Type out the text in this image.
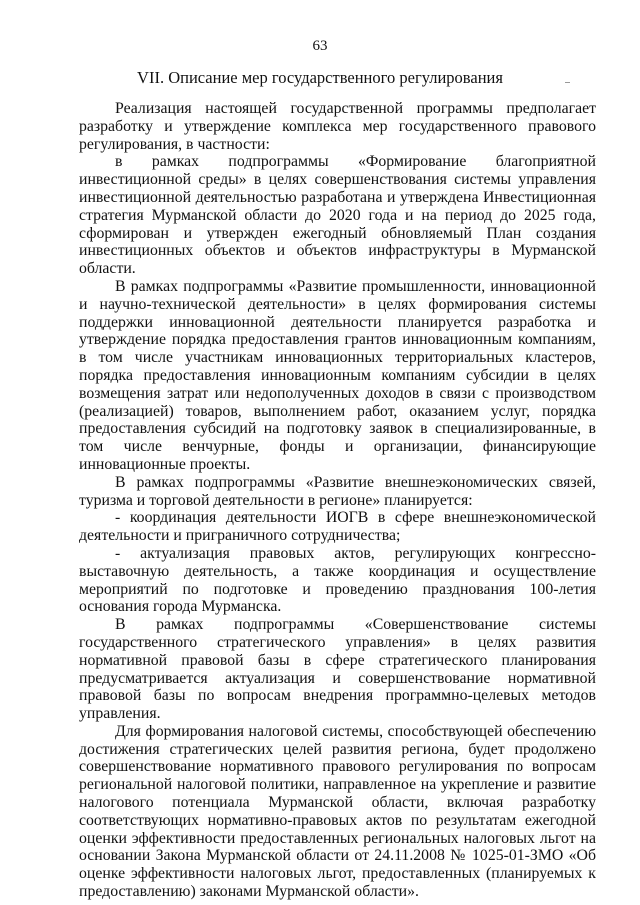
63
VII. Описание мер государственного регулирования

Реализация настоящей государственной программы предполагает разработку и утверждение комплекса мер государственного правового регулирования, в частности:

в рамках подпрограммы «Формирование благоприятной инвестиционной среды» в целях совершенствования системы управления инвестиционной деятельностью разработана и утверждена Инвестиционная стратегия Мурманской области до 2020 года и на период до 2025 года, сформирован и утвержден ежегодный обновляемый План создания инвестиционных объектов и объектов инфраструктуры в Мурманской области.

В рамках подпрограммы «Развитие промышленности, инновационной и научно-технической деятельности» в целях формирования системы поддержки инновационной деятельности планируется разработка и утверждение порядка предоставления грантов инновационным компаниям, в том числе участникам инновационных территориальных кластеров, порядка предоставления инновационным компаниям субсидии в целях возмещения затрат или недополученных доходов в связи с производством (реализацией) товаров, выполнением работ, оказанием услуг, порядка предоставления субсидий на подготовку заявок в специализированные, в том числе венчурные, фонды и организации, финансирующие инновационные проекты.

В рамках подпрограммы «Развитие внешнеэкономических связей, туризма и торговой деятельности в регионе» планируется:

- координация деятельности ИОГВ в сфере внешнеэкономической деятельности и приграничного сотрудничества;

- актуализация правовых актов, регулирующих конгрессно-выставочную деятельность, а также координация и осуществление мероприятий по подготовке и проведению празднования 100-летия основания города Мурманска.

В рамках подпрограммы «Совершенствование системы государственного стратегического управления» в целях развития нормативной правовой базы в сфере стратегического планирования предусматривается актуализация и совершенствование нормативной правовой базы по вопросам внедрения программно-целевых методов управления.

Для формирования налоговой системы, способствующей обеспечению достижения стратегических целей развития региона, будет продолжено совершенствование нормативного правового регулирования по вопросам региональной налоговой политики, направленное на укрепление и развитие налогового потенциала Мурманской области, включая разработку соответствующих нормативно-правовых актов по результатам ежегодной оценки эффективности предоставленных региональных налоговых льгот на основании Закона Мурманской области от 24.11.2008 № 1025-01-ЗМО «Об оценке эффективности налоговых льгот, предоставленных (планируемых к предоставлению) законами Мурманской области».
